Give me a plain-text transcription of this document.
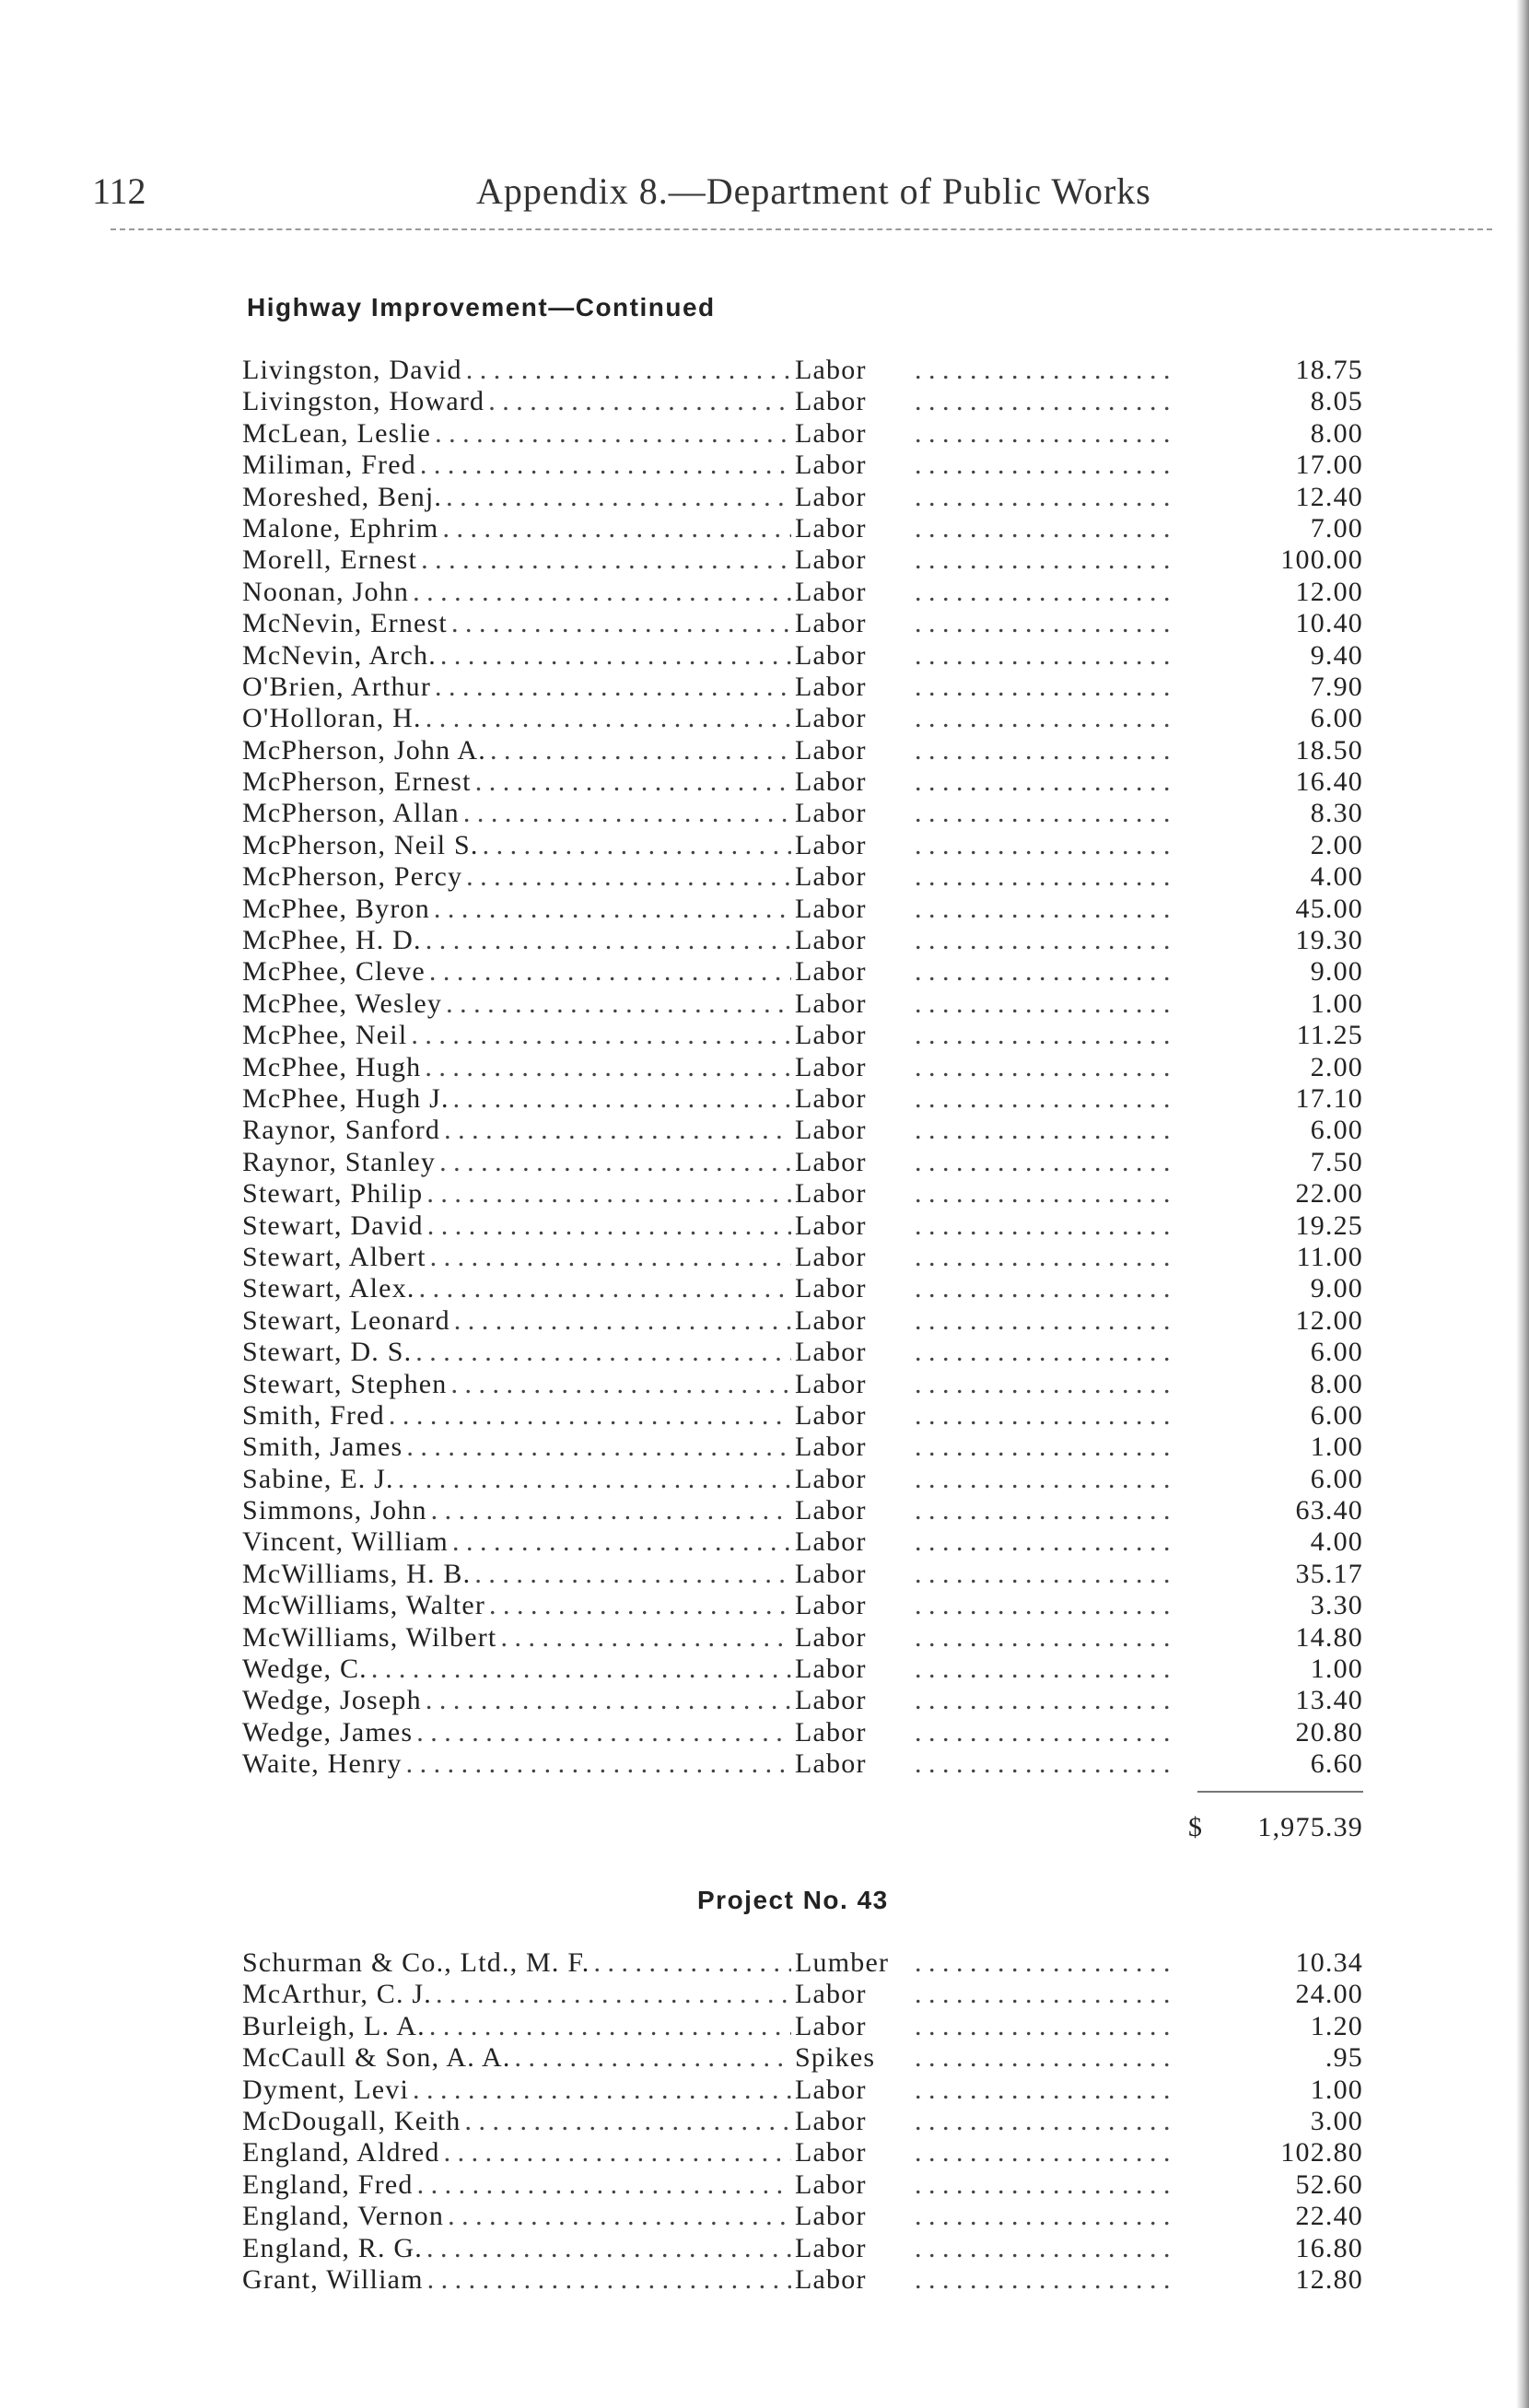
112	Appendix 8.—Department of Public Works
Highway Improvement—Continued
Livingston, David . . .	Labor . . .	18.75
Livingston, Howard . . .	Labor . . .	8.05
McLean, Leslie . . .	Labor . . .	8.00
Miliman, Fred . . .	Labor . . .	17.00
Moreshed, Benj. . . .	Labor . . .	12.40
Malone, Ephrim . . .	Labor . . .	7.00
Morell, Ernest . . .	Labor . . .	100.00
Noonan, John . . .	Labor . . .	12.00
McNevin, Ernest . . .	Labor . . .	10.40
McNevin, Arch. . . .	Labor . . .	9.40
O'Brien, Arthur . . .	Labor . . .	7.90
O'Holloran, H. . . .	Labor . . .	6.00
McPherson, John A. . . .	Labor . . .	18.50
McPherson, Ernest . . .	Labor . . .	16.40
McPherson, Allan . . .	Labor . . .	8.30
McPherson, Neil S. . . .	Labor . . .	2.00
McPherson, Percy . . .	Labor . . .	4.00
McPhee, Byron . . .	Labor . . .	45.00
McPhee, H. D. . . .	Labor . . .	19.30
McPhee, Cleve . . .	Labor . . .	9.00
McPhee, Wesley . . .	Labor . . .	1.00
McPhee, Neil . . .	Labor . . .	11.25
McPhee, Hugh . . .	Labor . . .	2.00
McPhee, Hugh J. . . .	Labor . . .	17.10
Raynor, Sanford . . .	Labor . . .	6.00
Raynor, Stanley . . .	Labor . . .	7.50
Stewart, Philip . . .	Labor . . .	22.00
Stewart, David . . .	Labor . . .	19.25
Stewart, Albert . . .	Labor . . .	11.00
Stewart, Alex. . . .	Labor . . .	9.00
Stewart, Leonard . . .	Labor . . .	12.00
Stewart, D. S. . . .	Labor . . .	6.00
Stewart, Stephen . . .	Labor . . .	8.00
Smith, Fred . . .	Labor . . .	6.00
Smith, James . . .	Labor . . .	1.00
Sabine, E. J. . . .	Labor . . .	6.00
Simmons, John . . .	Labor . . .	63.40
Vincent, William . . .	Labor . . .	4.00
McWilliams, H. B. . . .	Labor . . .	35.17
McWilliams, Walter . . .	Labor . . .	3.30
McWilliams, Wilbert . . .	Labor . . .	14.80
Wedge, C. . . .	Labor . . .	1.00
Wedge, Joseph . . .	Labor . . .	13.40
Wedge, James . . .	Labor . . .	20.80
Waite, Henry . . .	Labor . . .	6.60
$ 1,975.39
Project No. 43
Schurman & Co., Ltd., M. F. . . .	Lumber . . .	10.34
McArthur, C. J. . . .	Labor . . .	24.00
Burleigh, L. A. . . .	Labor . . .	1.20
McCaull & Son, A. A. . . .	Spikes . . .	.95
Dyment, Levi . . .	Labor . . .	1.00
McDougall, Keith . . .	Labor . . .	3.00
England, Aldred . . .	Labor . . .	102.80
England, Fred . . .	Labor . . .	52.60
England, Vernon . . .	Labor . . .	22.40
England, R. G. . . .	Labor . . .	16.80
Grant, William . . .	Labor . . .	12.80
